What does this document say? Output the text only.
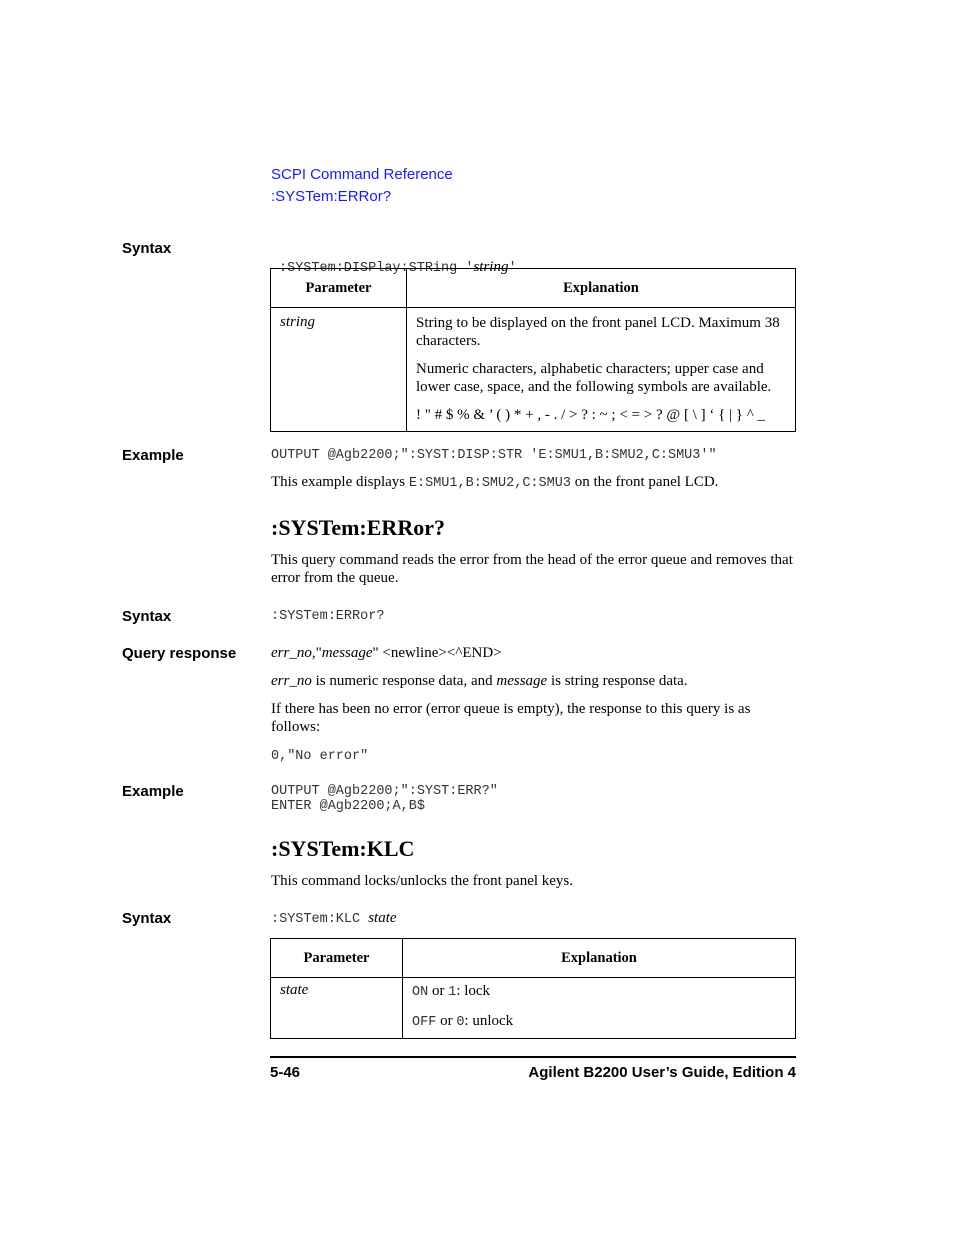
SCPI Command Reference
:SYSTem:ERRor?
Syntax

:SYSTem:DISPlay:STRing 'string'

Parameter	Explanation
string	String to be displayed on the front panel LCD. Maximum 38 characters.

Numeric characters, alphabetic characters; upper case and lower case, space, and the following symbols are available.

! " # $ % & ’ ( ) * + , - . / > ? : ~ ; < = > ? @ [ \ ] ‘ { | } ^ _

Example	OUTPUT @Agb2200;":SYST:DISP:STR 'E:SMU1,B:SMU2,C:SMU3'"
This example displays E:SMU1,B:SMU2,C:SMU3 on the front panel LCD.
:SYSTem:ERRor?
This query command reads the error from the head of the error queue and removes that error from the queue.
Syntax	:SYSTem:ERRor?
Query response err_no,"message" <newline><^END>
err_no is numeric response data, and message is string response data.
If there has been no error (error queue is empty), the response to this query is as follows:
0,"No error"
Example	OUTPUT @Agb2200;":SYST:ERR?"
ENTER @Agb2200;A,B$
:SYSTem:KLC
This command locks/unlocks the front panel keys.
Syntax	:SYSTem:KLC state
Parameter	Explanation
state	ON or 1: lock

OFF or 0: unlock

5-46	Agilent B2200 User’s Guide, Edition 4
